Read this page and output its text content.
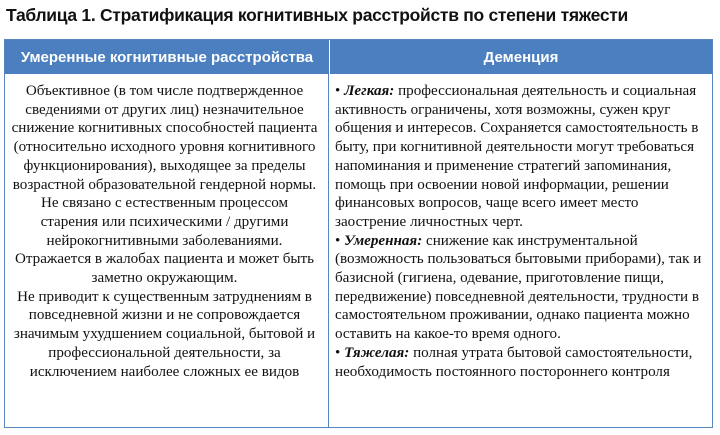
Таблица 1. Стратификация когнитивных расстройств по степени тяжести
Умеренные когнитивные расстройства	Деменция

Объективное (в том числе подтвержденное сведениями от других лиц) незначительное снижение когнитивных способностей пациента (относительно исходного уровня когнитивного функционирования), выходящее за пределы возрастной образовательной гендерной нормы.

Не связано с естественным процессом старения или психическими / другими нейрокогнитивными заболеваниями.

Отражается в жалобах пациента и может быть заметно окружающим.

Не приводит к существенным затруднениям в повседневной жизни и не сопровождается значимым ухудшением социальной, бытовой и профессиональной деятельности, за исключением наиболее сложных ее видов

• Легкая: профессиональная деятельность и социальная активность ограничены, хотя возможны, сужен круг общения и интересов. Сохраняется самостоятельность в быту, при когнитивной деятельности могут требоваться напоминания и применение стратегий запоминания, помощь при освоении новой информации, решении финансовых вопросов, чаще всего имеет место заострение личностных черт.

• Умеренная: снижение как инструментальной (возможность пользоваться бытовыми приборами), так и базисной (гигиена, одевание, приготовление пищи, передвижение) повседневной деятельности, трудности в самостоятельном проживании, однако пациента можно оставить на какое-то время одного.

• Тяжелая: полная утрата бытовой самостоятельности, необходимость постоянного постороннего контроля
